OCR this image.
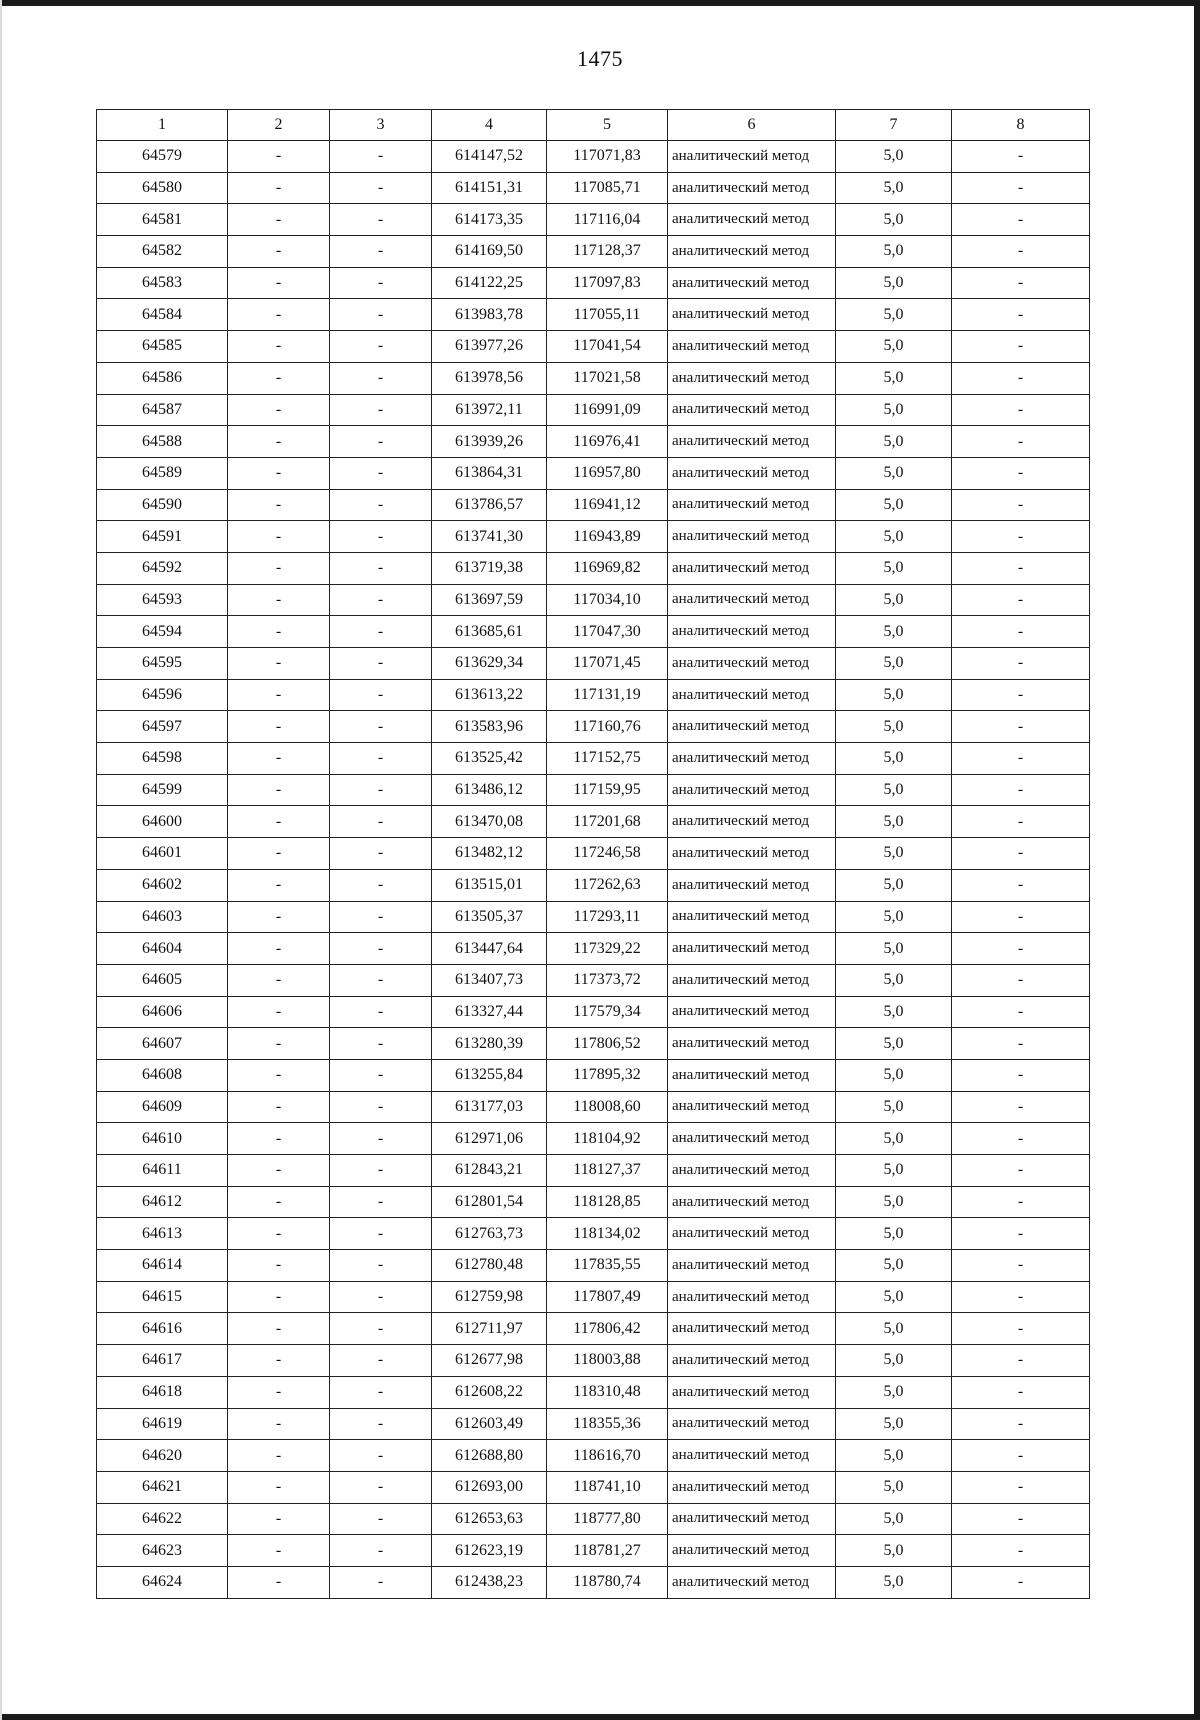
1475
1	2	3	4	5	6	7	8
64579	-	-	614147,52	117071,83	аналитический метод	5,0	-
64580	-	-	614151,31	117085,71	аналитический метод	5,0	-
64581	-	-	614173,35	117116,04	аналитический метод	5,0	-
64582	-	-	614169,50	117128,37	аналитический метод	5,0	-
64583	-	-	614122,25	117097,83	аналитический метод	5,0	-
64584	-	-	613983,78	117055,11	аналитический метод	5,0	-
64585	-	-	613977,26	117041,54	аналитический метод	5,0	-
64586	-	-	613978,56	117021,58	аналитический метод	5,0	-
64587	-	-	613972,11	116991,09	аналитический метод	5,0	-
64588	-	-	613939,26	116976,41	аналитический метод	5,0	-
64589	-	-	613864,31	116957,80	аналитический метод	5,0	-
64590	-	-	613786,57	116941,12	аналитический метод	5,0	-
64591	-	-	613741,30	116943,89	аналитический метод	5,0	-
64592	-	-	613719,38	116969,82	аналитический метод	5,0	-
64593	-	-	613697,59	117034,10	аналитический метод	5,0	-
64594	-	-	613685,61	117047,30	аналитический метод	5,0	-
64595	-	-	613629,34	117071,45	аналитический метод	5,0	-
64596	-	-	613613,22	117131,19	аналитический метод	5,0	-
64597	-	-	613583,96	117160,76	аналитический метод	5,0	-
64598	-	-	613525,42	117152,75	аналитический метод	5,0	-
64599	-	-	613486,12	117159,95	аналитический метод	5,0	-
64600	-	-	613470,08	117201,68	аналитический метод	5,0	-
64601	-	-	613482,12	117246,58	аналитический метод	5,0	-
64602	-	-	613515,01	117262,63	аналитический метод	5,0	-
64603	-	-	613505,37	117293,11	аналитический метод	5,0	-
64604	-	-	613447,64	117329,22	аналитический метод	5,0	-
64605	-	-	613407,73	117373,72	аналитический метод	5,0	-
64606	-	-	613327,44	117579,34	аналитический метод	5,0	-
64607	-	-	613280,39	117806,52	аналитический метод	5,0	-
64608	-	-	613255,84	117895,32	аналитический метод	5,0	-
64609	-	-	613177,03	118008,60	аналитический метод	5,0	-
64610	-	-	612971,06	118104,92	аналитический метод	5,0	-
64611	-	-	612843,21	118127,37	аналитический метод	5,0	-
64612	-	-	612801,54	118128,85	аналитический метод	5,0	-
64613	-	-	612763,73	118134,02	аналитический метод	5,0	-
64614	-	-	612780,48	117835,55	аналитический метод	5,0	-
64615	-	-	612759,98	117807,49	аналитический метод	5,0	-
64616	-	-	612711,97	117806,42	аналитический метод	5,0	-
64617	-	-	612677,98	118003,88	аналитический метод	5,0	-
64618	-	-	612608,22	118310,48	аналитический метод	5,0	-
64619	-	-	612603,49	118355,36	аналитический метод	5,0	-
64620	-	-	612688,80	118616,70	аналитический метод	5,0	-
64621	-	-	612693,00	118741,10	аналитический метод	5,0	-
64622	-	-	612653,63	118777,80	аналитический метод	5,0	-
64623	-	-	612623,19	118781,27	аналитический метод	5,0	-
64624	-	-	612438,23	118780,74	аналитический метод	5,0	-
